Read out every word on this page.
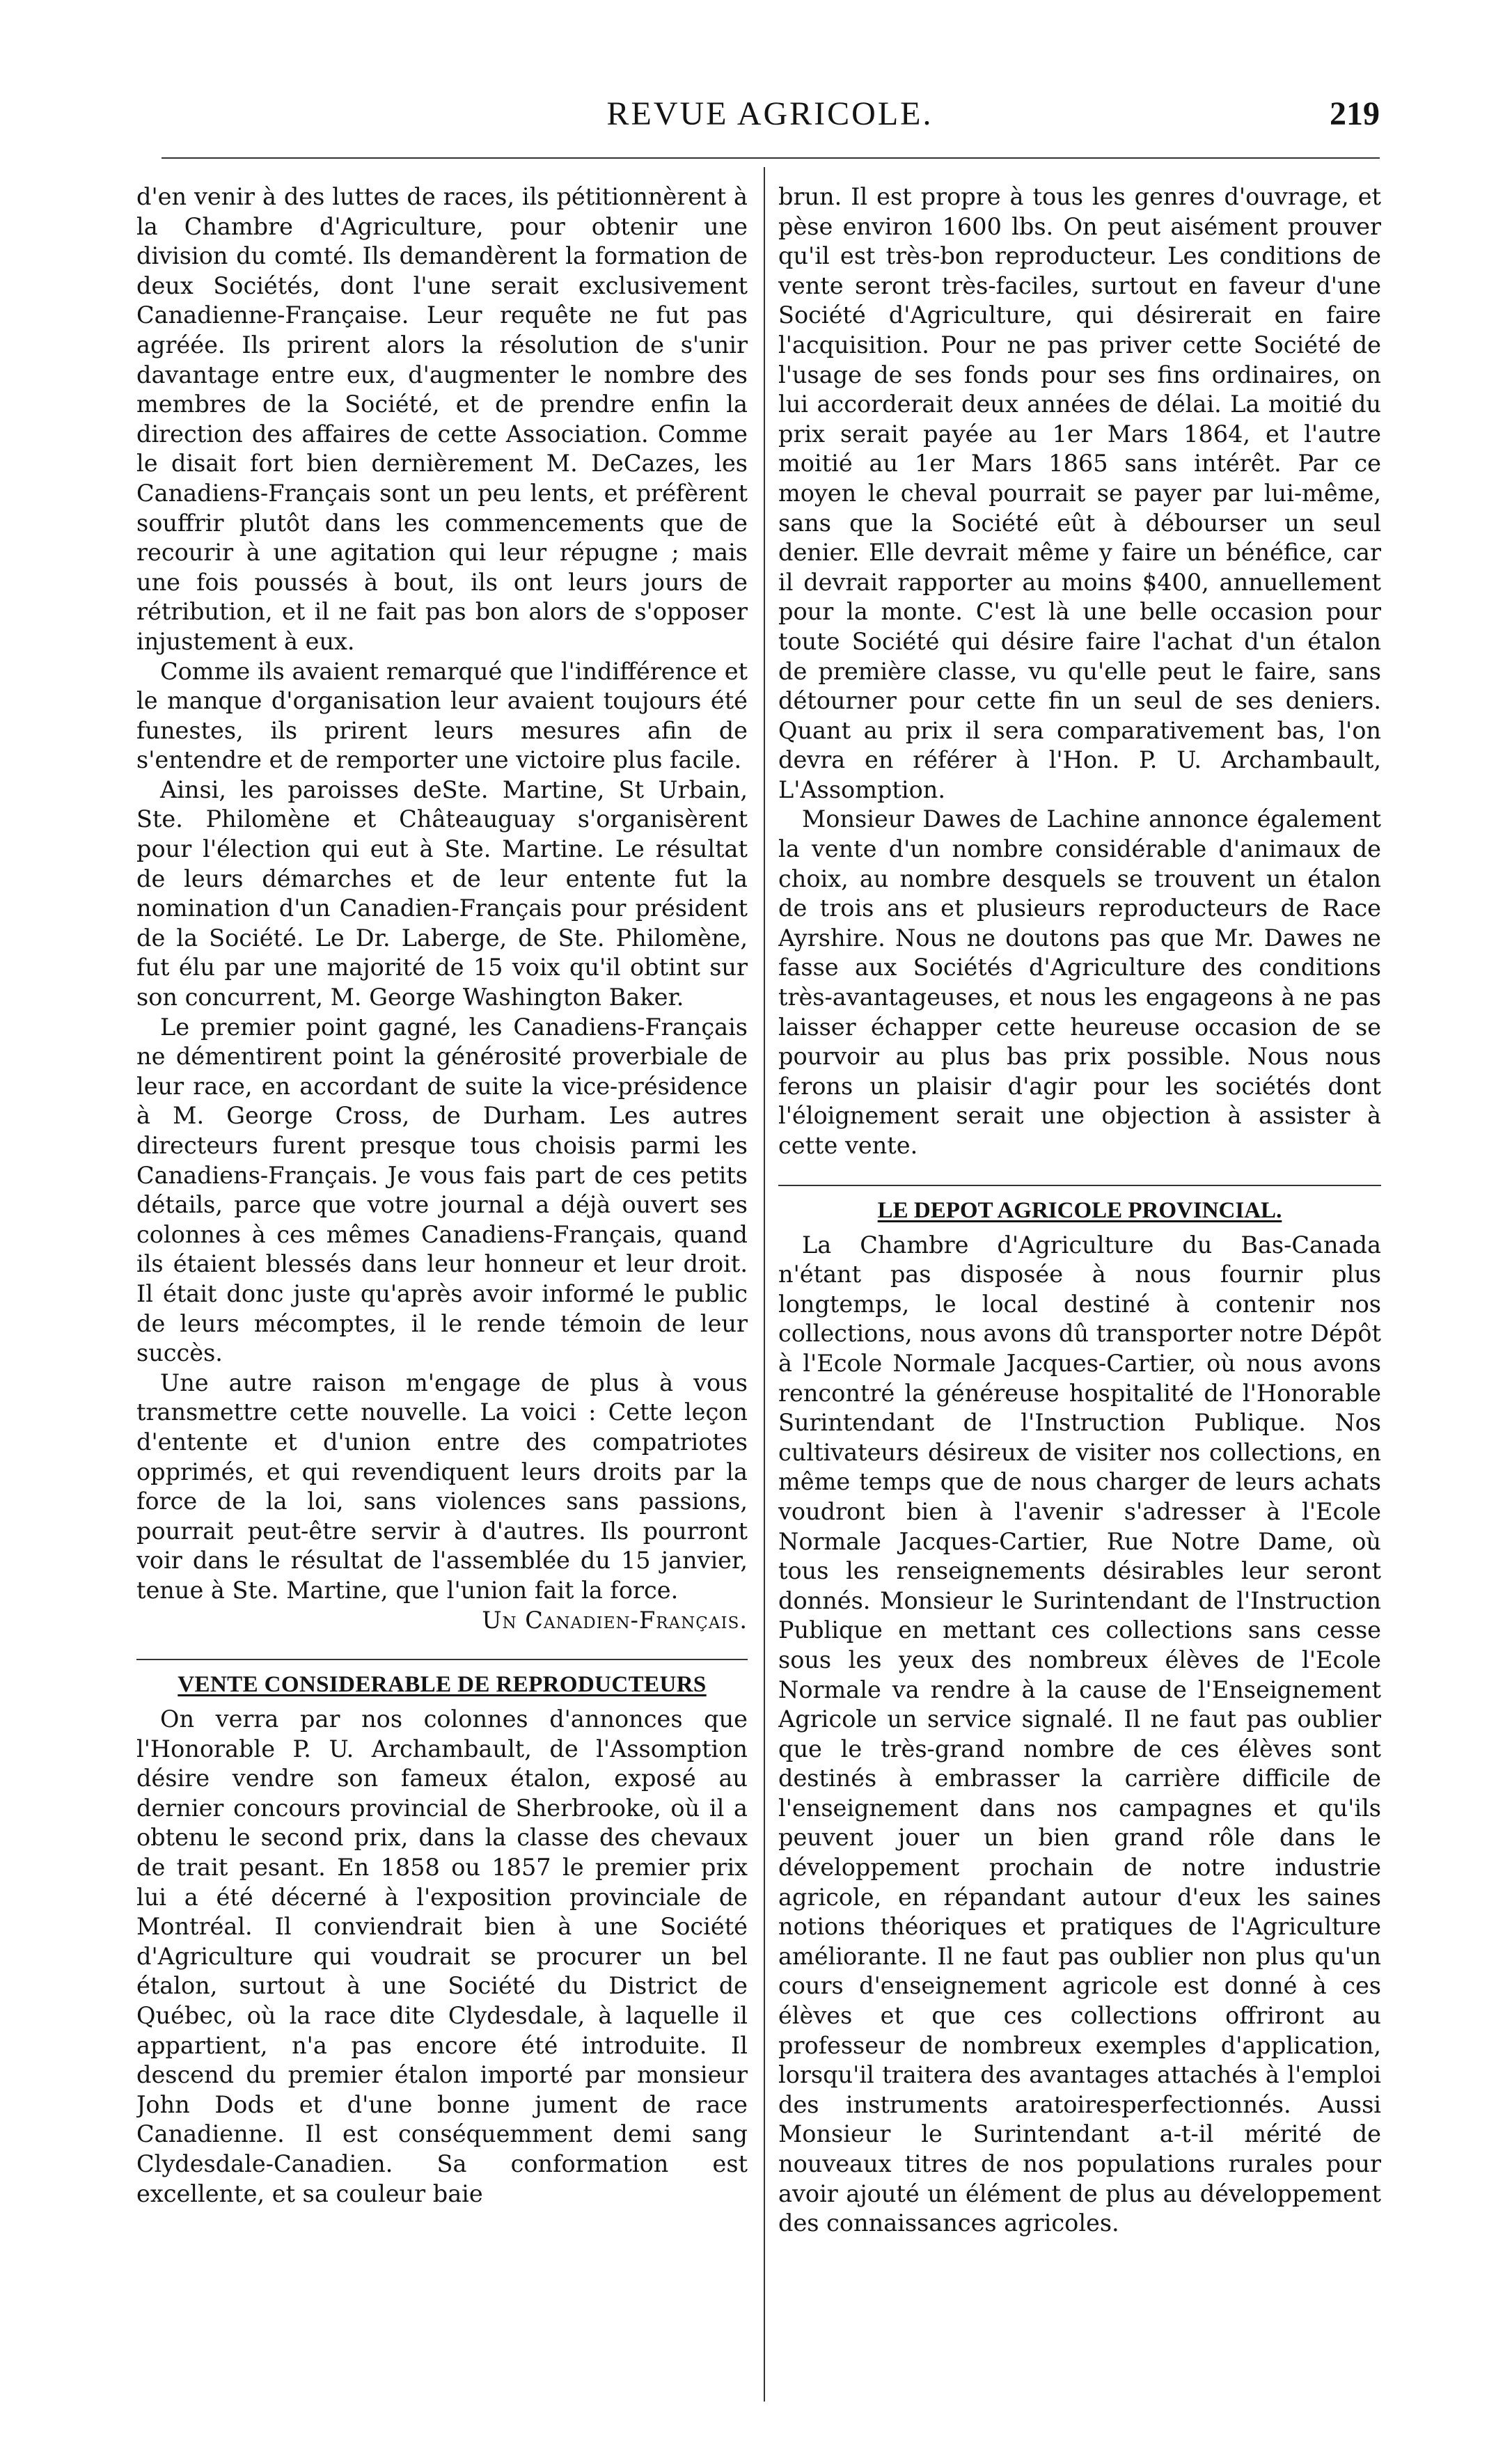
REVUE AGRICOLE.	219

d'en venir à des luttes de races, ils pétitionnèrent à la Chambre d'Agriculture, pour obtenir une division du comté. Ils demandèrent la formation de deux Sociétés, dont l'une serait exclusivement Canadienne-Française. Leur requête ne fut pas agréée. Ils prirent alors la résolution de s'unir davantage entre eux, d'augmenter le nombre des membres de la Société, et de prendre enfin la direction des affaires de cette Association. Comme le disait fort bien dernièrement M. DeCazes, les Canadiens-Français sont un peu lents, et préfèrent souffrir plutôt dans les commencements que de recourir à une agitation qui leur répugne ; mais une fois poussés à bout, ils ont leurs jours de rétribution, et il ne fait pas bon alors de s'opposer injustement à eux.

Comme ils avaient remarqué que l'indifférence et le manque d'organisation leur avaient toujours été funestes, ils prirent leurs mesures afin de s'entendre et de remporter une victoire plus facile.

Ainsi, les paroisses deSte. Martine, St Urbain, Ste. Philomène et Châteauguay s'organisèrent pour l'élection qui eut à Ste. Martine. Le résultat de leurs démarches et de leur entente fut la nomination d'un Canadien-Français pour président de la Société. Le Dr. Laberge, de Ste. Philomène, fut élu par une majorité de 15 voix qu'il obtint sur son concurrent, M. George Washington Baker.

Le premier point gagné, les Canadiens-Français ne démentirent point la générosité proverbiale de leur race, en accordant de suite la vice-présidence à M. George Cross, de Durham. Les autres directeurs furent presque tous choisis parmi les Canadiens-Français. Je vous fais part de ces petits détails, parce que votre journal a déjà ouvert ses colonnes à ces mêmes Canadiens-Français, quand ils étaient blessés dans leur honneur et leur droit. Il était donc juste qu'après avoir informé le public de leurs mécomptes, il le rende témoin de leur succès.

Une autre raison m'engage de plus à vous transmettre cette nouvelle. La voici : Cette leçon d'entente et d'union entre des compatriotes opprimés, et qui revendiquent leurs droits par la force de la loi, sans violences sans passions, pourrait peut-être servir à d'autres. Ils pourront voir dans le résultat de l'assemblée du 15 janvier, tenue à Ste. Martine, que l'union fait la force.

Un Canadien-Français.
VENTE CONSIDERABLE DE REPRODUCTEURS

On verra par nos colonnes d'annonces que l'Honorable P. U. Archambault, de l'Assomption désire vendre son fameux étalon, exposé au dernier concours provincial de Sherbrooke, où il a obtenu le second prix, dans la classe des chevaux de trait pesant. En 1858 ou 1857 le premier prix lui a été décerné à l'exposition provinciale de Montréal. Il conviendrait bien à une Société d'Agriculture qui voudrait se procurer un bel étalon, surtout à une Société du District de Québec, où la race dite Clydesdale, à laquelle il appartient, n'a pas encore été introduite. Il descend du premier étalon importé par monsieur John Dods et d'une bonne jument de race Canadienne. Il est conséquemment demi sang Clydesdale-Canadien. Sa conformation est excellente, et sa couleur baie

brun. Il est propre à tous les genres d'ouvrage, et pèse environ 1600 lbs. On peut aisément prouver qu'il est très-bon reproducteur. Les conditions de vente seront très-faciles, surtout en faveur d'une Société d'Agriculture, qui désirerait en faire l'acquisition. Pour ne pas priver cette Société de l'usage de ses fonds pour ses fins ordinaires, on lui accorderait deux années de délai. La moitié du prix serait payée au 1er Mars 1864, et l'autre moitié au 1er Mars 1865 sans intérêt. Par ce moyen le cheval pourrait se payer par lui-même, sans que la Société eût à débourser un seul denier. Elle devrait même y faire un bénéfice, car il devrait rapporter au moins $400, annuellement pour la monte. C'est là une belle occasion pour toute Société qui désire faire l'achat d'un étalon de première classe, vu qu'elle peut le faire, sans détourner pour cette fin un seul de ses deniers. Quant au prix il sera comparativement bas, l'on devra en référer à l'Hon. P. U. Archambault, L'Assomption.

Monsieur Dawes de Lachine annonce également la vente d'un nombre considérable d'animaux de choix, au nombre desquels se trouvent un étalon de trois ans et plusieurs reproducteurs de Race Ayrshire. Nous ne doutons pas que Mr. Dawes ne fasse aux Sociétés d'Agriculture des conditions très-avantageuses, et nous les engageons à ne pas laisser échapper cette heureuse occasion de se pourvoir au plus bas prix possible. Nous nous ferons un plaisir d'agir pour les sociétés dont l'éloignement serait une objection à assister à cette vente.

LE DEPOT AGRICOLE PROVINCIAL.

La Chambre d'Agriculture du Bas-Canada n'étant pas disposée à nous fournir plus longtemps, le local destiné à contenir nos collections, nous avons dû transporter notre Dépôt à l'Ecole Normale Jacques-Cartier, où nous avons rencontré la généreuse hospitalité de l'Honorable Surintendant de l'Instruction Publique. Nos cultivateurs désireux de visiter nos collections, en même temps que de nous charger de leurs achats voudront bien à l'avenir s'adresser à l'Ecole Normale Jacques-Cartier, Rue Notre Dame, où tous les renseignements désirables leur seront donnés. Monsieur le Surintendant de l'Instruction Publique en mettant ces collections sans cesse sous les yeux des nombreux élèves de l'Ecole Normale va rendre à la cause de l'Enseignement Agricole un service signalé. Il ne faut pas oublier que le très-grand nombre de ces élèves sont destinés à embrasser la carrière difficile de l'enseignement dans nos campagnes et qu'ils peuvent jouer un bien grand rôle dans le développement prochain de notre industrie agricole, en répandant autour d'eux les saines notions théoriques et pratiques de l'Agriculture améliorante. Il ne faut pas oublier non plus qu'un cours d'enseignement agricole est donné à ces élèves et que ces collections offriront au professeur de nombreux exemples d'application, lorsqu'il traitera des avantages attachés à l'emploi des instruments aratoiresperfectionnés. Aussi Monsieur le Surintendant a-t-il mérité de nouveaux titres de nos populations rurales pour avoir ajouté un élément de plus au développement des connaissances agricoles.
